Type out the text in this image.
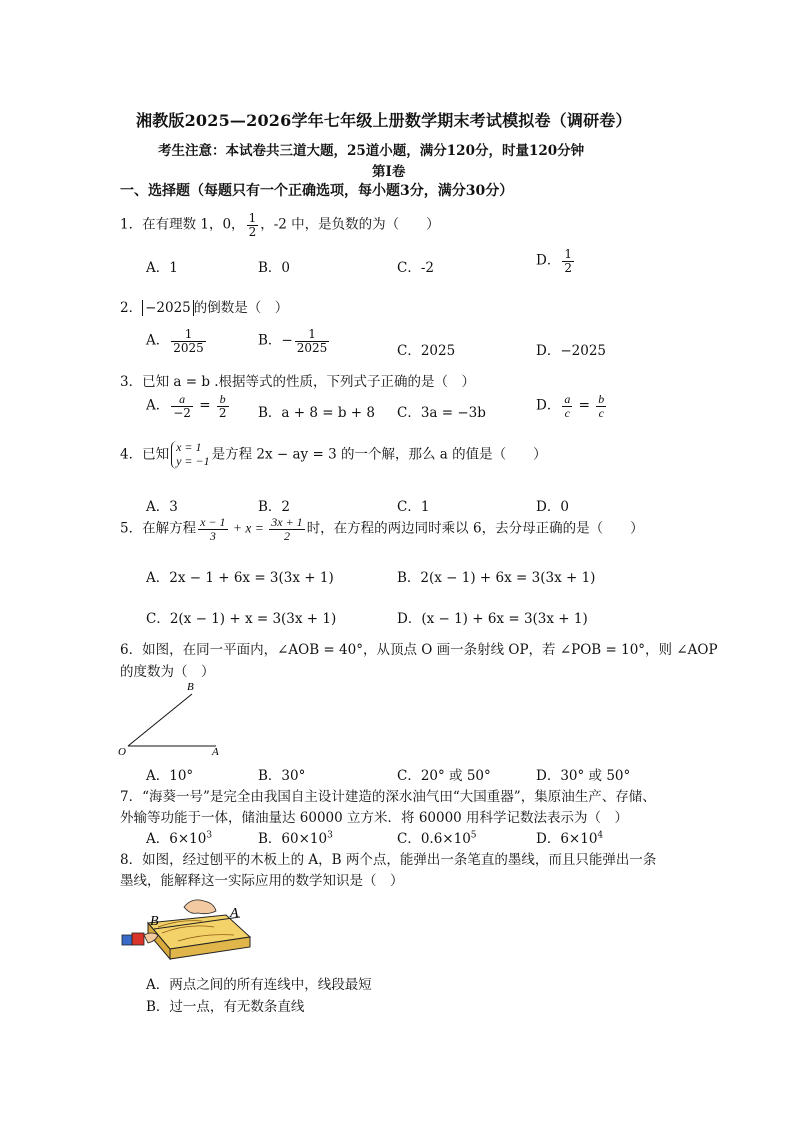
湘教版2025—2026学年七年级上册数学期末考试模拟卷（调研卷）
考生注意：本试卷共三道大题，25道小题，满分120分，时量120分钟
第Ⅰ卷
一、选择题（每题只有一个正确选项，每小题3分，满分30分）
1．在有理数 1，0， $\frac{1}{2}$ ，-2 中，是负数的为（　　）
A．1	B．0	C．-2	D． $\frac{1}{2}$
2． −2025 的倒数是（　）
A． $\frac{1}{2025}$	B．− $\frac{1}{2025}$	C．2025	D．−2025
3．已知 a = b .根据等式的性质，下列式子正确的是（　）
A． $\frac{a}{-2} = \frac{b}{2}$ B．a + 8 = b + 8 C．3a = −3b	D． $\frac{a}{c} = \frac{b}{c}$
4．已知 x = 1
y = −1 是方程 2x − ay = 3 的一个解，那么 a 的值是（　　）
A．3	B．2	C．1	D．0
5．在解方程 $\frac{x - 1}{3} + x = \frac{3x + 1}{2}$ 时，在方程的两边同时乘以 6，去分母正确的是（　　）
A．2x − 1 + 6x = 3(3x + 1)	B．2(x − 1) + 6x = 3(3x + 1)
C．2(x − 1) + x = 3(3x + 1)	D．(x − 1) + 6x = 3(3x + 1)
6．如图，在同一平面内，∠AOB = 40°，从顶点 O 画一条射线 OP，若 ∠POB = 10°，则 ∠AOP
的度数为（　）
B
O	A
A．10°	B．30°	C．20° 或 50°	D．30° 或 50°
7．“海葵一号”是完全由我国自主设计建造的深水油气田“大国重器”，集原油生产、存储、
外输等功能于一体，储油量达 60000 立方米．将 60000 用科学记数法表示为（　）
A．$6\times 10^3$	B．$60\times 10^3$	C．$0.6\times 10^5$	D．$6\times 10^4$
8．如图，经过刨平的木板上的 A，B 两个点，能弹出一条笔直的墨线，而且只能弹出一条
墨线，能解释这一实际应用的数学知识是（　）
B
A
A．两点之间的所有连线中，线段最短
B．过一点，有无数条直线
